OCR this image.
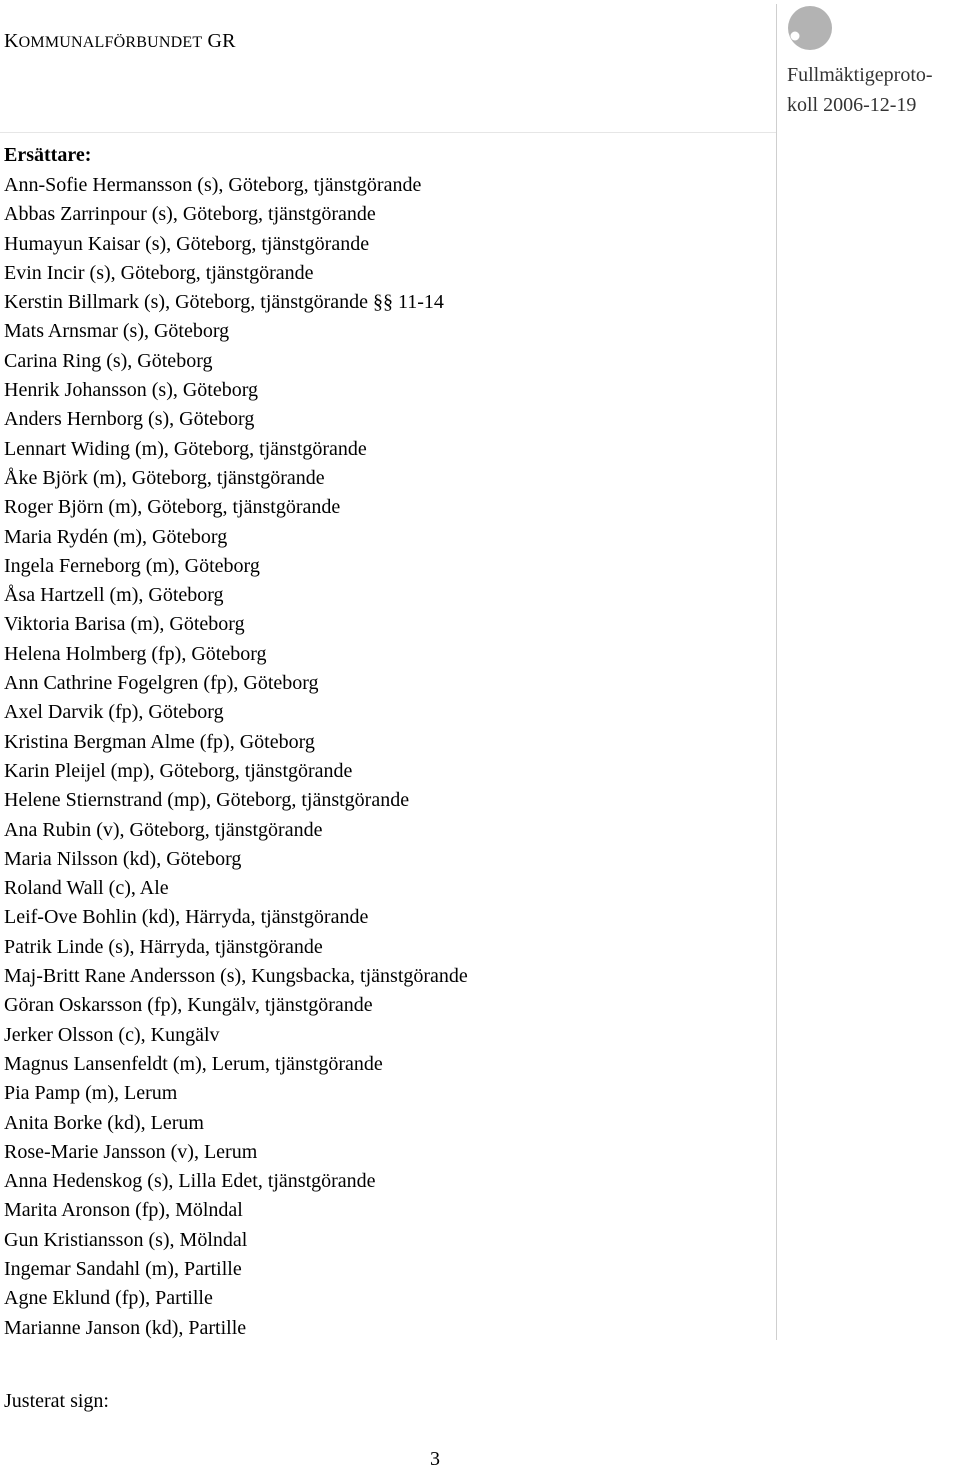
KOMMUNALFÖRBUNDET GR
Fullmäktigeproto-
koll 2006-12-19
Ersättare:
Ann-Sofie Hermansson (s), Göteborg, tjänstgörande
Abbas Zarrinpour (s), Göteborg, tjänstgörande
Humayun Kaisar (s), Göteborg, tjänstgörande
Evin Incir (s), Göteborg, tjänstgörande
Kerstin Billmark (s), Göteborg, tjänstgörande §§ 11-14
Mats Arnsmar (s), Göteborg
Carina Ring (s), Göteborg
Henrik Johansson (s), Göteborg
Anders Hernborg (s), Göteborg
Lennart Widing (m), Göteborg, tjänstgörande
Åke Björk (m), Göteborg, tjänstgörande
Roger Björn (m), Göteborg, tjänstgörande
Maria Rydén (m), Göteborg
Ingela Ferneborg (m), Göteborg
Åsa Hartzell (m), Göteborg
Viktoria Barisa (m), Göteborg
Helena Holmberg (fp), Göteborg
Ann Cathrine Fogelgren (fp), Göteborg
Axel Darvik (fp), Göteborg
Kristina Bergman Alme (fp), Göteborg
Karin Pleijel (mp), Göteborg, tjänstgörande
Helene Stiernstrand (mp), Göteborg, tjänstgörande
Ana Rubin (v), Göteborg, tjänstgörande
Maria Nilsson (kd), Göteborg
Roland Wall (c), Ale
Leif-Ove Bohlin (kd), Härryda, tjänstgörande
Patrik Linde (s), Härryda, tjänstgörande
Maj-Britt Rane Andersson (s), Kungsbacka, tjänstgörande
Göran Oskarsson (fp), Kungälv, tjänstgörande
Jerker Olsson (c), Kungälv
Magnus Lansenfeldt (m), Lerum, tjänstgörande
Pia Pamp (m), Lerum
Anita Borke (kd), Lerum
Rose-Marie Jansson (v), Lerum
Anna Hedenskog (s), Lilla Edet, tjänstgörande
Marita Aronson (fp), Mölndal
Gun Kristiansson (s), Mölndal
Ingemar Sandahl (m), Partille
Agne Eklund (fp), Partille
Marianne Janson (kd), Partille
Justerat sign:
3
